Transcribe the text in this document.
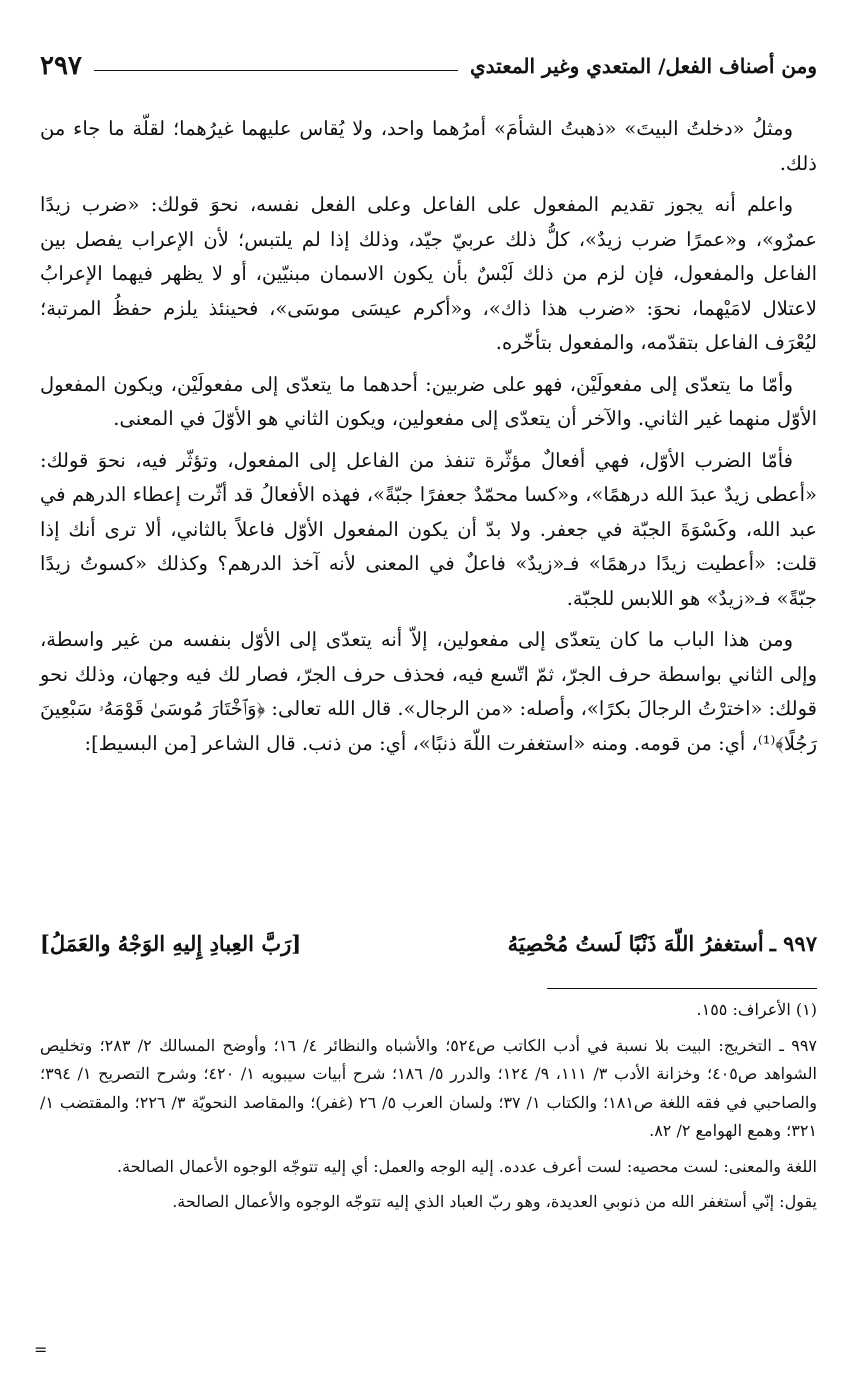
ومن أصناف الفعل/ المتعدي وغير المعتدي
٢٩٧

ومثلُ «دخلتُ البيتَ» «ذهبتُ الشأمَ» أمرُهما واحد، ولا يُقاس عليهما غيرُهما؛ لقلّة ما جاء من ذلك.

واعلم أنه يجوز تقديم المفعول على الفاعل وعلى الفعل نفسه، نحوَ قولك: «ضرب زيدًا عمرٌو»، و«عمرًا ضرب زيدٌ»، كلُّ ذلك عربيّ جيّد، وذلك إذا لم يلتبس؛ لأن الإعراب يفصل بين الفاعل والمفعول، فإن لزم من ذلك لَبْسٌ بأن يكون الاسمان مبنيّين، أو لا يظهر فيهما الإعرابُ لاعتلال لامَيْهما، نحوَ: «ضرب هذا ذاك»، و«أكرم عيسَى موسَى»، فحينئذ يلزم حفظُ المرتبة؛ ليُعْرَف الفاعل بتقدّمه، والمفعول بتأخّره.

وأمّا ما يتعدّى إلى مفعولَيْن، فهو على ضربين: أحدهما ما يتعدّى إلى مفعولَيْن، ويكون المفعول الأوّل منهما غير الثاني. والآخر أن يتعدّى إلى مفعولين، ويكون الثاني هو الأوّلَ في المعنى.

فأمّا الضرب الأوّل، فهي أفعالٌ مؤثّرة تنفذ من الفاعل إلى المفعول، وتؤثّر فيه، نحوَ قولك: «أعطى زيدٌ عبدَ الله درهمًا»، و«كسا محمّدٌ جعفرًا جبّةً»، فهذه الأفعالُ قد أثّرت إعطاء الدرهم في عبد الله، وكَسْوَةَ الجبّة في جعفر. ولا بدّ أن يكون المفعول الأوّل فاعلاً بالثاني، ألا ترى أنك إذا قلت: «أعطيت زيدًا درهمًا» فـ«زيدٌ» فاعلٌ في المعنى لأنه آخذ الدرهم؟ وكذلك «كسوتُ زيدًا جبّةً» فـ«زيدٌ» هو اللابس للجبّة.

ومن هذا الباب ما كان يتعدّى إلى مفعولين، إلاّ أنه يتعدّى إلى الأوّل بنفسه من غير واسطة، وإلى الثاني بواسطة حرف الجرّ، ثمّ اتّسع فيه، فحذف حرف الجرّ، فصار لك فيه وجهان، وذلك نحو قولك: «اخترْتُ الرجالَ بكرًا»، وأصله: «من الرجال». قال الله تعالى: ﴿وَٱخْتَارَ مُوسَىٰ قَوْمَهُۥ سَبْعِينَ رَجُلًا﴾⁽¹⁾، أي: من قومه. ومنه «استغفرت اللّهَ ذنبًا»، أي: من ذنب. قال الشاعر [من البسيط]:

٩٩٧ ـ
أستغفرُ اللّهَ ذَنْبًا لَستُ مُحْصِيَهُ
[رَبَّ العِبادِ إِليهِ الوَجْهُ والعَمَلُ]

(١) الأعراف: ١٥٥.

٩٩٧ ـ التخريج: البيت بلا نسبة في أدب الكاتب ص٥٢٤؛ والأشباه والنظائر ٤/ ١٦؛ وأوضح المسالك ٢/ ٢٨٣؛ وتخليص الشواهد ص٤٠٥؛ وخزانة الأدب ٣/ ١١١، ٩/ ١٢٤؛ والدرر ٥/ ١٨٦؛ شرح أبيات سيبويه ١/ ٤٢٠؛ وشرح التصريح ١/ ٣٩٤؛ والصاحبي في فقه اللغة ص١٨١؛ والكتاب ١/ ٣٧؛ ولسان العرب ٥/ ٢٦ (غفر)؛ والمقاصد النحويّة ٣/ ٢٢٦؛ والمقتضب ١/ ٣٢١؛ وهمع الهوامع ٢/ ٨٢.

اللغة والمعنى: لست محصيه: لست أعرف عدده. إليه الوجه والعمل: أي إليه تتوجّه الوجوه الأعمال الصالحة.

يقول: إنّي أستغفر الله من ذنوبي العديدة، وهو ربّ العباد الذي إليه تتوجّه الوجوه والأعمال الصالحة.

=
